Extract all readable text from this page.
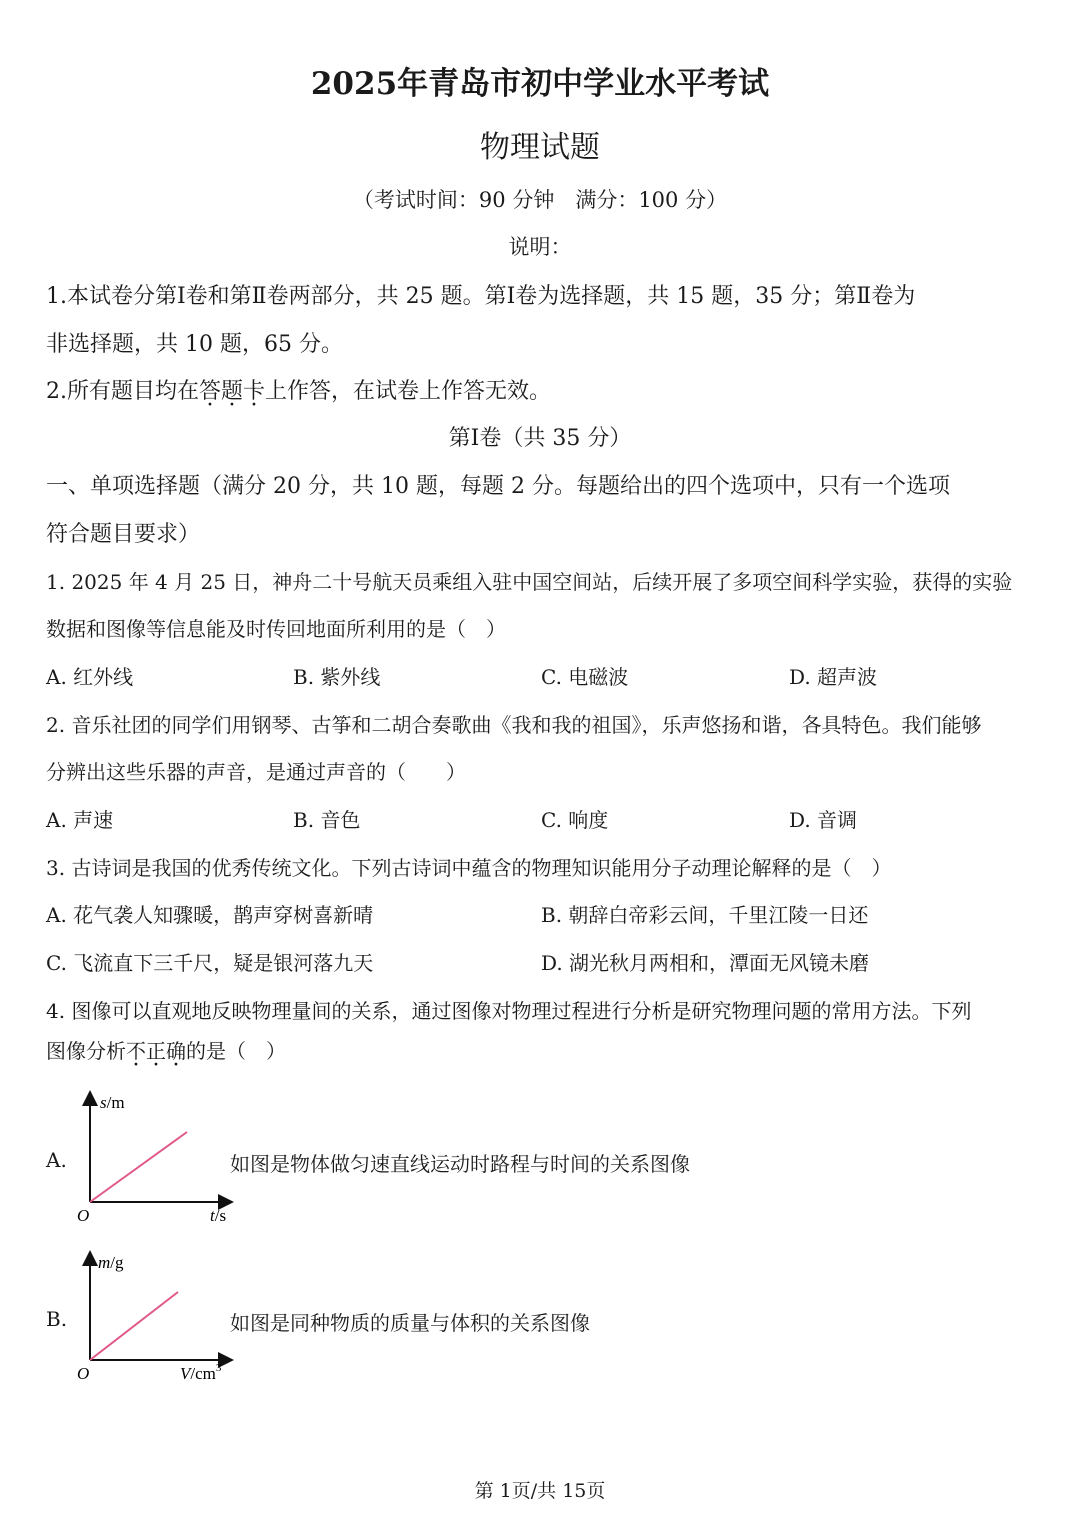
2025年青岛市初中学业水平考试
物理试题
（考试时间：90 分钟　满分：100 分）
说明：
1.本试卷分第Ⅰ卷和第Ⅱ卷两部分，共 25 题。第Ⅰ卷为选择题，共 15 题，35 分；第Ⅱ卷为
非选择题，共 10 题，65 分。
2.所有题目均在答题卡上作答，在试卷上作答无效。
第Ⅰ卷（共 35 分）
一、单项选择题（满分 20 分，共 10 题，每题 2 分。每题给出的四个选项中，只有一个选项
符合题目要求）
1. 2025 年 4 月 25 日，神舟二十号航天员乘组入驻中国空间站，后续开展了多项空间科学实验，获得的实验
数据和图像等信息能及时传回地面所利用的是（　）
A. 红外线	B. 紫外线	C. 电磁波	D. 超声波
2. 音乐社团的同学们用钢琴、古筝和二胡合奏歌曲《我和我的祖国》，乐声悠扬和谐，各具特色。我们能够
分辨出这些乐器的声音，是通过声音的（　　）
A. 声速	B. 音色	C. 响度	D. 音调
3. 古诗词是我国的优秀传统文化。下列古诗词中蕴含的物理知识能用分子动理论解释的是（　）
A. 花气袭人知骤暖，鹊声穿树喜新晴	B. 朝辞白帝彩云间，千里江陵一日还
C. 飞流直下三千尺，疑是银河落九天	D. 湖光秋月两相和，潭面无风镜未磨
4. 图像可以直观地反映物理量间的关系，通过图像对物理过程进行分析是研究物理问题的常用方法。下列
图像分析不正确的是（　）
A.
s/m
t/s
O
如图是物体做匀速直线运动时路程与时间的关系图像
B.
m/g
$V/cm^3$
O
如图是同种物质的质量与体积的关系图像
第 1页/共 15页
